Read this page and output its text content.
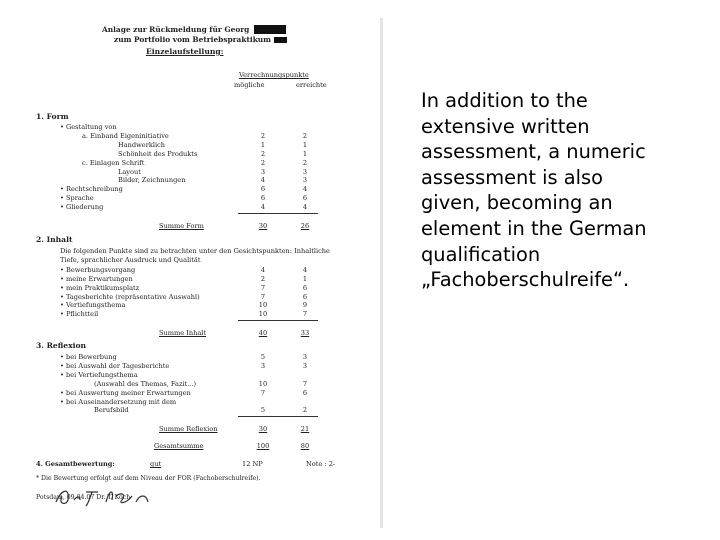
Anlage zur Rückmeldung für Georg
zum Portfolio vom Betriebspraktikum
Einzelaufstellung:
Verrechnungspunkte
mögliche	erreichte
1. Form
• Gestaltung von
a. Einband Eigeninitiative	2	2
Handwerklich	1	1
Schönheit des Produkts	2	1
c. Einlagen Schrift	2	2
Layout	3	3
Bilder, Zeichnungen	4	3
• Rechtschreibung	6	4
• Sprache	6	6
• Gliederung	4	4
Summe Form	30	26
2. Inhalt
Die folgenden Punkte sind zu betrachten unter den Gesichtspunkten: Inhaltliche
Tiefe, sprachlicher Ausdruck und Qualität
• Bewerbungsvorgang	4	4
• meine Erwartungen	2	1
• mein Praktikumsplatz	7	6
• Tagesberichte (repräsentative Auswahl)	7	6
• Vertiefungsthema	10	9
• Pflichtteil	10	7
Summe Inhalt	40	33
3. Reflexion
• bei Bewerbung	5	3
• bei Auswahl der Tagesberichte	3	3
• bei Vertiefungsthema
(Auswahl des Themas, Fazit...)	10	7
• bei Auswertung meiner Erwartungen	7	6
• bei Auseinandersetzung mit dem
Berufsbild	5	2
Summe Reflexion	30	21
Gesamtsumme	100	80
4. Gesamtbewertung:	gut	12 NP	Note : 2-
* Die Bewertung erfolgt auf dem Niveau der FOR (Fachoberschulreife).
Potsdam, 09.04.07 Dr. T. Koch
In addition to the
extensive written
assessment, a numeric
assessment is also
given, becoming an
element in the German
qualification
„Fachoberschulreife“.
